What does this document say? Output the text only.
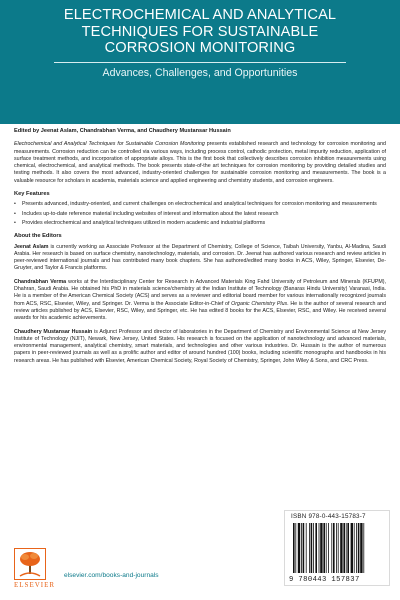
ELECTROCHEMICAL AND ANALYTICAL
TECHNIQUES FOR SUSTAINABLE
CORROSION MONITORING
Advances, Challenges, and Opportunities

Edited by Jeenat Aslam, Chandrabhan Verma, and Chaudhery Mustansar Hussain

Electrochemical and Analytical Techniques for Sustainable Corrosion Monitoring presents established research and technology for corrosion monitoring and measurements. Corrosion reduction can be controlled via various ways, including process control, cathodic protection, metal impurity reduction, application of surface treatment methods, and incorporation of appropriate alloys. This is the first book that collectively describes corrosion inhibition measurements using chemical, electrochemical, and analytical methods. The book presents state-of-the art techniques for corrosion monitoring by providing detailed studies and testing methods. It also covers the most advanced, industry-oriented challenges for sustainable corrosion monitoring and measurements. The book is a valuable resource for scholars in academia, materials science and applied engineering and chemistry students, and corrosion engineers.

Key Features

• Presents advanced, industry-oriented, and current challenges on electrochemical and analytical techniques for corrosion monitoring and measurements
• Includes up-to-date reference material including websites of interest and information about the latest research
• Provides electrochemical and analytical techniques utilized in modern academic and industrial platforms

About the Editors

Jeenat Aslam is currently working as Associate Professor at the Department of Chemistry, College of Science, Taibah University, Yanbu, Al-Madina, Saudi Arabia. Her research is based on surface chemistry, nanotechnology, materials, and corrosion. Dr. Jeenat has authored various research and review articles in peer-reviewed international journals and has contributed many book chapters. She has authored/edited many books in ACS, Wiley, Springer, Elsevier, De-Gruyter, and Taylor & Francis platforms.

Chandrabhan Verma works at the Interdisciplinary Center for Research in Advanced Materials King Fahd University of Petroleum and Minerals (KFUPM), Dhahran, Saudi Arabia. He obtained his PhD in materials science/chemistry at the Indian Institute of Technology (Banaras Hindu University) Varanasi, India. He is a member of the American Chemical Society (ACS) and serves as a reviewer and editorial board member for various internationally recognized journals from ACS, RSC, Elsevier, Wiley, and Springer. Dr. Verma is the Associate Editor-in-Chief of Organic Chemistry Plus. He is the author of several research and review articles published by ACS, Elsevier, RSC, Wiley, and Springer, etc. He has edited 8 books for the ACS, Elsevier, RSC, and Wiley. He received several awards for his academic achievements.

Chaudhery Mustansar Hussain is Adjunct Professor and director of laboratories in the Department of Chemistry and Environmental Science at New Jersey Institute of Technology (NJIT), Newark, New Jersey, United States. His research is focused on the application of nanotechnology and advanced materials, environmental management, analytical chemistry, smart materials, and technologies and other various industries. Dr. Hussain is the author of numerous papers in peer-reviewed journals as well as a prolific author and editor of around hundred (100) books, including scientific monographs and handbooks in his research areas. He has published with Elsevier, American Chemical Society, Royal Society of Chemistry, Springer, John Wiley & Sons, and CRC Press.

ELSEVIER
elsevier.com/books-and-journals
ISBN 978-0-443-15783-7
9 780443 157837
